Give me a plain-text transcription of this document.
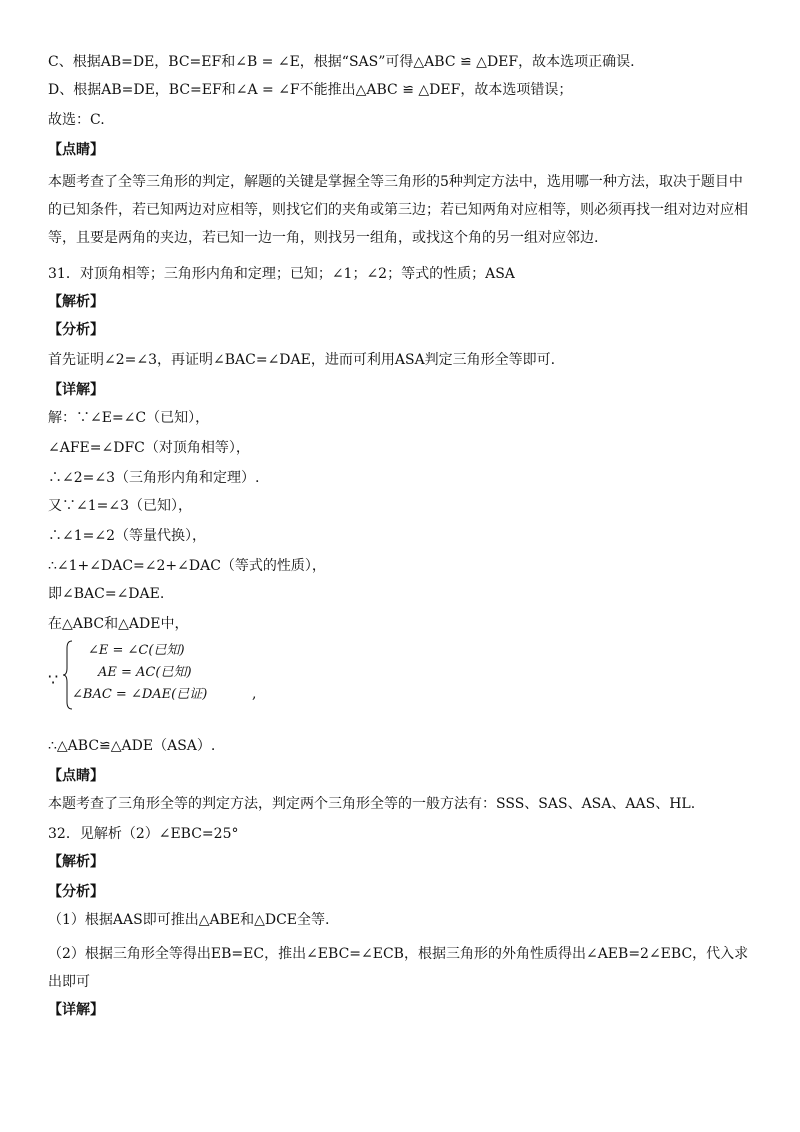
C、根据AB=DE，BC=EF和∠B = ∠E，根据“SAS”可得△ABC ≌ △DEF，故本选项正确误.
D、根据AB=DE，BC=EF和∠A = ∠F不能推出△ABC ≌ △DEF，故本选项错误；
故选：C.
【点睛】
本题考查了全等三角形的判定，解题的关键是掌握全等三角形的5种判定方法中，选用哪一种方法，取决于题目中的已知条件，若已知两边对应相等，则找它们的夹角或第三边；若已知两角对应相等，则必须再找一组对边对应相等，且要是两角的夹边，若已知一边一角，则找另一组角，或找这个角的另一组对应邻边.
31．对顶角相等；三角形内角和定理；已知；∠1；∠2；等式的性质；ASA
【解析】
【分析】
首先证明∠2=∠3，再证明∠BAC=∠DAE，进而可利用ASA判定三角形全等即可.
【详解】
解：∵∠E=∠C（已知），
∠AFE=∠DFC（对顶角相等），
∴∠2=∠3（三角形内角和定理）.
又∵∠1=∠3（已知），
∴∠1=∠2（等量代换），
∴∠1+∠DAC=∠2+∠DAC（等式的性质），
即∠BAC=∠DAE.
在△ABC和△ADE中，
∵
∠E = ∠C(已知)
AE = AC(已知)
∠BAC = ∠DAE(已证)	,
∴△ABC≌△ADE（ASA）.
【点睛】
本题考查了三角形全等的判定方法，判定两个三角形全等的一般方法有：SSS、SAS、ASA、AAS、HL.
32．见解析（2）∠EBC=25°
【解析】
【分析】
（1）根据AAS即可推出△ABE和△DCE全等.
（2）根据三角形全等得出EB=EC，推出∠EBC=∠ECB，根据三角形的外角性质得出∠AEB=2∠EBC，代入求出即可
【详解】
